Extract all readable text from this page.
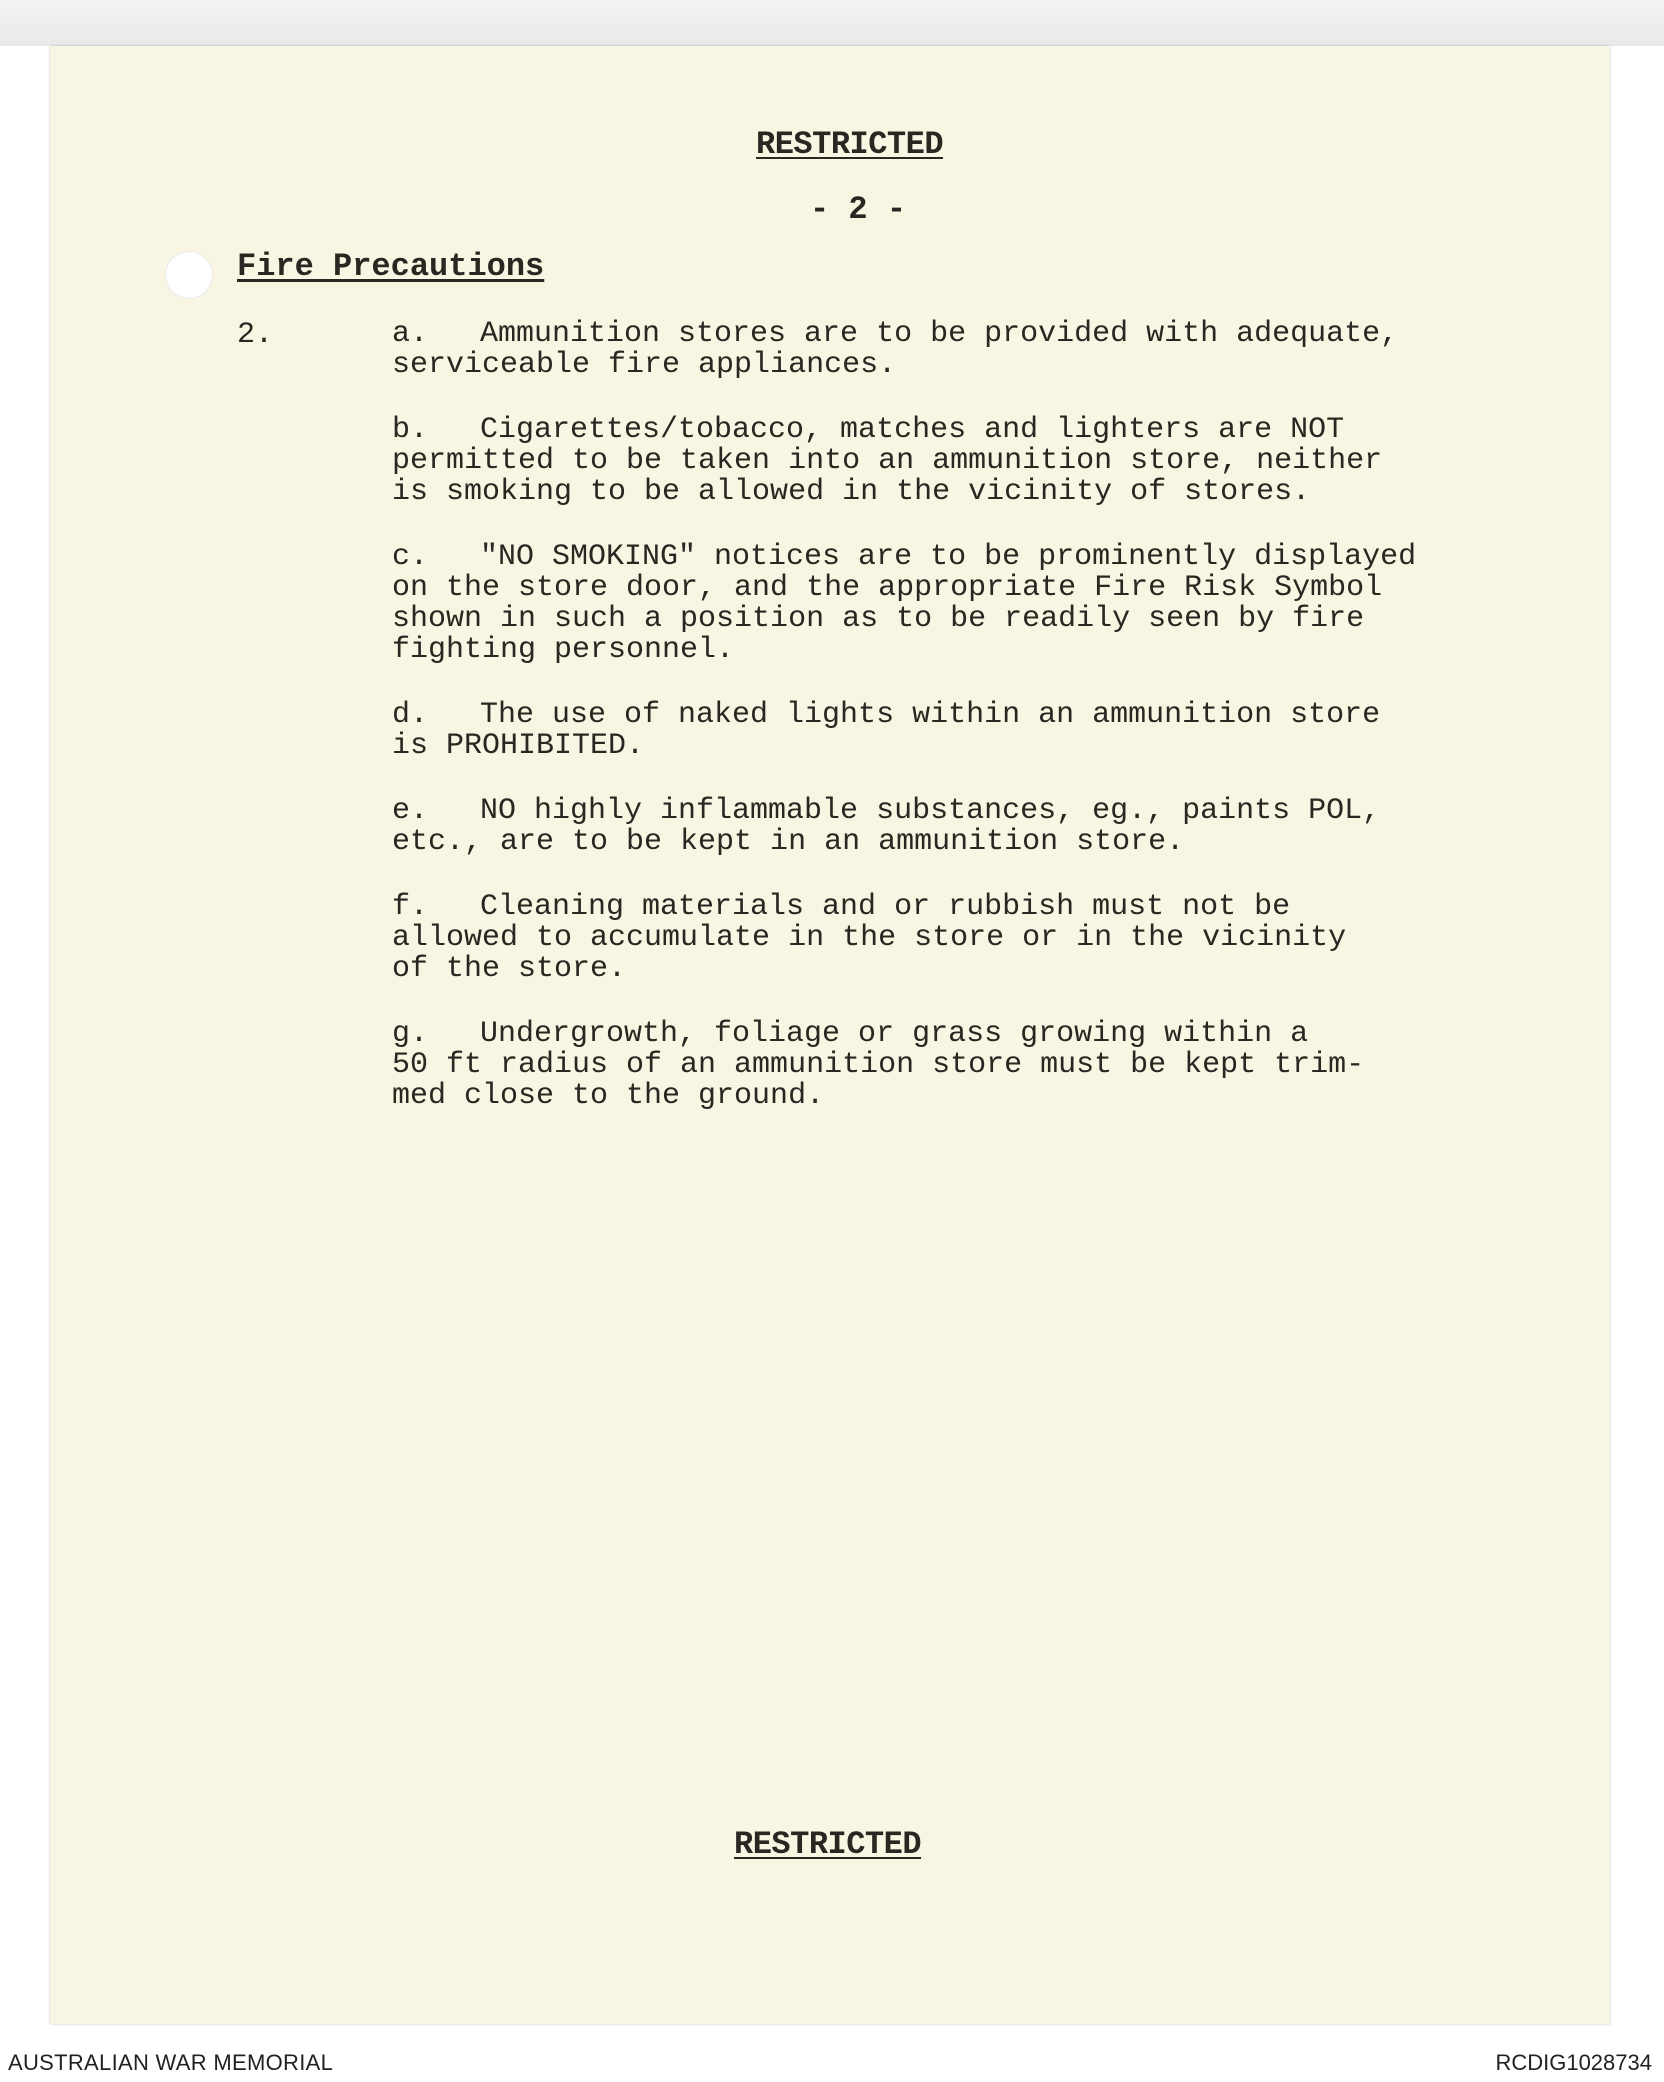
RESTRICTED
- 2 -
Fire Precautions
2.	a. Ammunition stores are to be provided with adequate,
serviceable fire appliances.

b. Cigarettes/tobacco, matches and lighters are NOT
permitted to be taken into an ammunition store, neither
is smoking to be allowed in the vicinity of stores.

c. "NO SMOKING" notices are to be prominently displayed
on the store door, and the appropriate Fire Risk Symbol
shown in such a position as to be readily seen by fire
fighting personnel.

d. The use of naked lights within an ammunition store
is PROHIBITED.

e. NO highly inflammable substances, eg., paints POL,
etc., are to be kept in an ammunition store.

f. Cleaning materials and or rubbish must not be
allowed to accumulate in the store or in the vicinity
of the store.

g. Undergrowth, foliage or grass growing within a
50 ft radius of an ammunition store must be kept trim-
med close to the ground.

RESTRICTED
AUSTRALIAN WAR MEMORIAL	RCDIG1028734
